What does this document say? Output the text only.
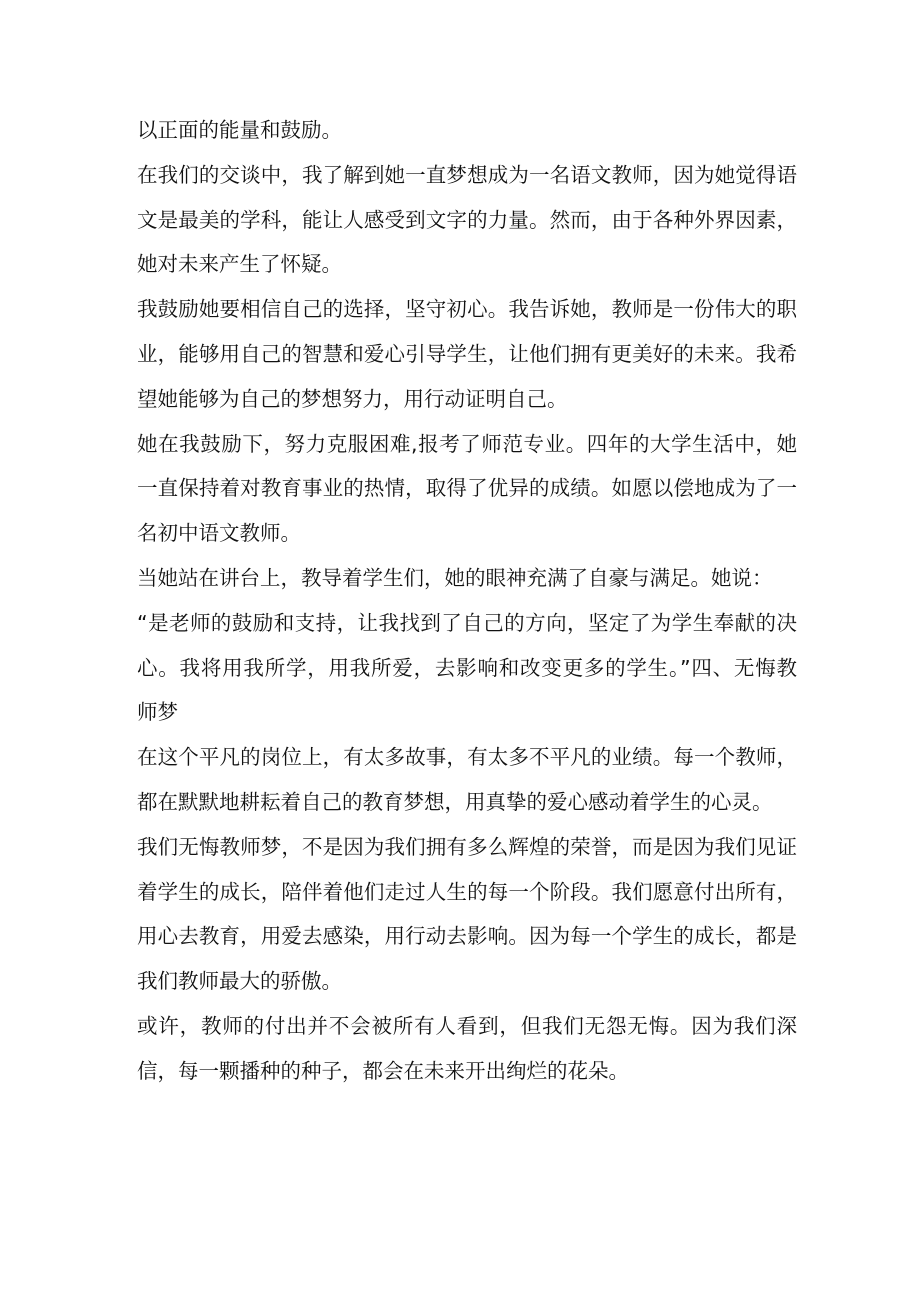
以正面的能量和鼓励。
在我们的交谈中，我了解到她一直梦想成为一名语文教师，因为她觉得语
文是最美的学科，能让人感受到文字的力量。然而，由于各种外界因素，
她对未来产生了怀疑。
我鼓励她要相信自己的选择，坚守初心。我告诉她，教师是一份伟大的职
业，能够用自己的智慧和爱心引导学生，让他们拥有更美好的未来。我希
望她能够为自己的梦想努力，用行动证明自己。
她在我鼓励下，努力克服困难,报考了师范专业。四年的大学生活中，她
一直保持着对教育事业的热情，取得了优异的成绩。如愿以偿地成为了一
名初中语文教师。
当她站在讲台上，教导着学生们，她的眼神充满了自豪与满足。她说：
“是老师的鼓励和支持，让我找到了自己的方向，坚定了为学生奉献的决
心。我将用我所学，用我所爱，去影响和改变更多的学生。”四、无悔教
师梦
在这个平凡的岗位上，有太多故事，有太多不平凡的业绩。每一个教师，
都在默默地耕耘着自己的教育梦想，用真挚的爱心感动着学生的心灵。
我们无悔教师梦，不是因为我们拥有多么辉煌的荣誉，而是因为我们见证
着学生的成长，陪伴着他们走过人生的每一个阶段。我们愿意付出所有，
用心去教育，用爱去感染，用行动去影响。因为每一个学生的成长，都是
我们教师最大的骄傲。
或许，教师的付出并不会被所有人看到，但我们无怨无悔。因为我们深
信，每一颗播种的种子，都会在未来开出绚烂的花朵。
